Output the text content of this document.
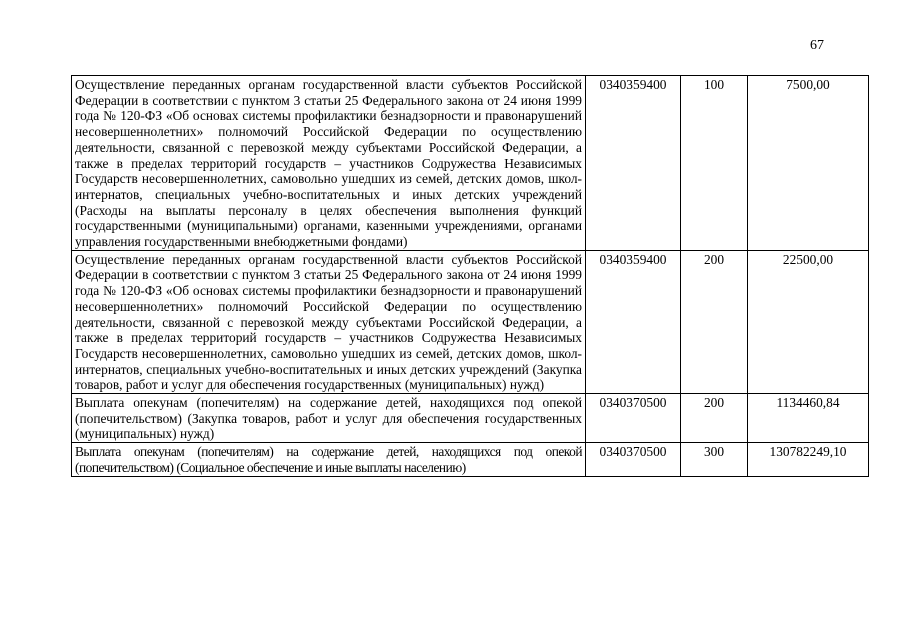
67
Осуществление переданных органам государственной власти субъектов Российской Федерации в соответствии с пунктом 3 статьи 25 Федерального закона от 24 июня 1999 года № 120-ФЗ «Об основах системы профилактики безнадзорности и правонарушений несовершеннолетних» полномочий Российской Федерации по осуществлению деятельности, связанной с перевозкой между субъектами Российской Федерации, а также в пределах территорий государств – участников Содружества Независимых Государств несовершеннолетних, самовольно ушедших из семей, детских домов, школ-интернатов, специальных учебно-воспитательных и иных детских учреждений (Расходы на выплаты персоналу в целях обеспечения выполнения функций государственными (муниципальными) органами, казенными учреждениями, органами управления государственными внебюджетными фондами)	0340359400	100	7500,00
Осуществление переданных органам государственной власти субъектов Российской Федерации в соответствии с пунктом 3 статьи 25 Федерального закона от 24 июня 1999 года № 120-ФЗ «Об основах системы профилактики безнадзорности и правонарушений несовершеннолетних» полномочий Российской Федерации по осуществлению деятельности, связанной с перевозкой между субъектами Российской Федерации, а также в пределах территорий государств – участников Содружества Независимых Государств несовершеннолетних, самовольно ушедших из семей, детских домов, школ-интернатов, специальных учебно-воспитательных и иных детских учреждений (Закупка товаров, работ и услуг для обеспечения государственных (муниципальных) нужд)	0340359400	200	22500,00
Выплата опекунам (попечителям) на содержание детей, находящихся под опекой (попечительством) (Закупка товаров, работ и услуг для обеспечения государственных (муниципальных) нужд)	0340370500	200	1134460,84
Выплата опекунам (попечителям) на содержание детей, находящихся под опекой (попечительством) (Социальное обеспечение и иные выплаты населению)	0340370500	300	130782249,10
